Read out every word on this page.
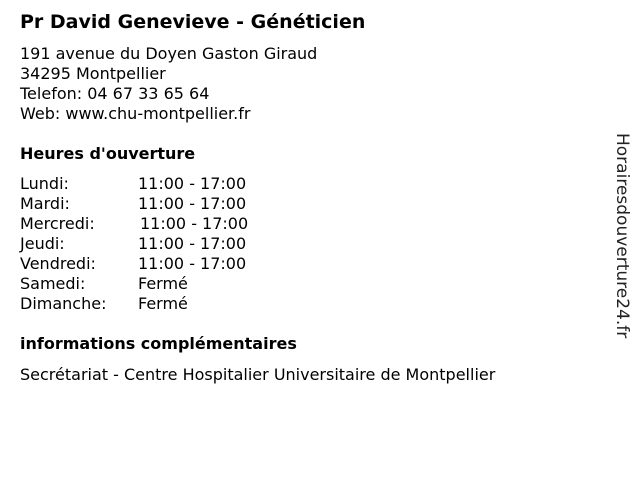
Pr David Genevieve - Généticien
191 avenue du Doyen Gaston Giraud
34295 Montpellier
Telefon: 04 67 33 65 64
Web: www.chu-montpellier.fr
Heures d'ouverture
Lundi:	11:00 - 17:00
Mardi:	11:00 - 17:00
Mercredi:	11:00 - 17:00
Jeudi:	11:00 - 17:00
Vendredi:	11:00 - 17:00
Samedi:	Fermé
Dimanche:	Fermé
informations complémentaires
Secrétariat - Centre Hospitalier Universitaire de Montpellier
Horairesdouverture24.fr
